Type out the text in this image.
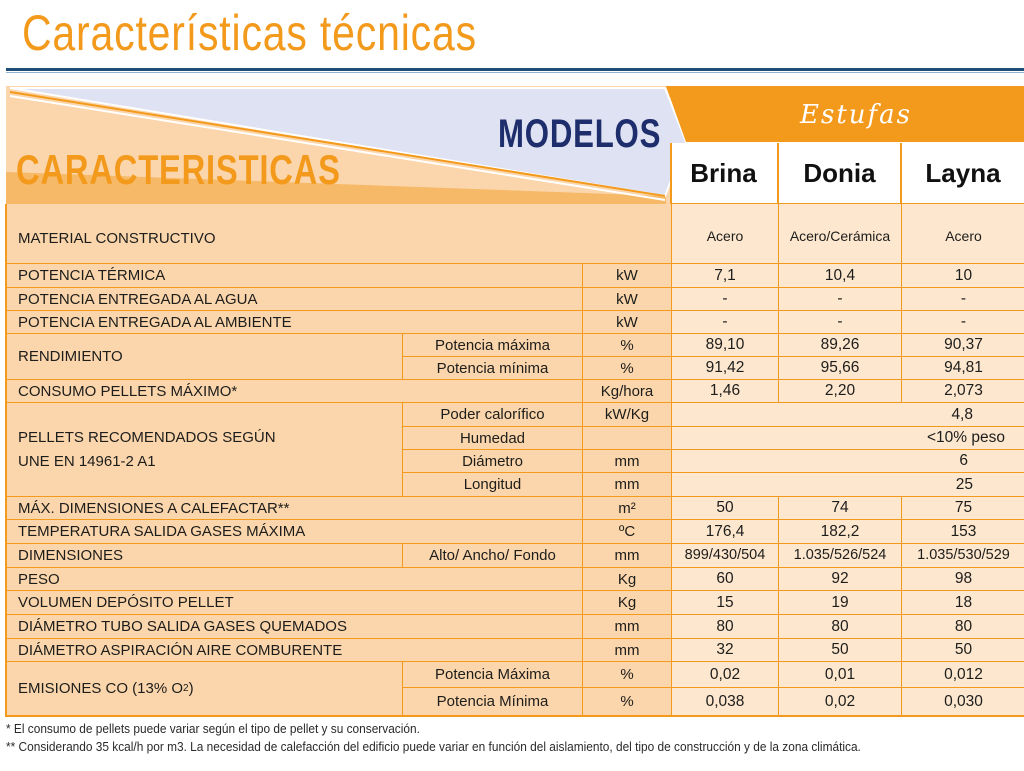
Características técnicas
MODELOS
CARACTERISTICAS
Estufas
Brina	Donia	Layna
MATERIAL CONSTRUCTIVO	Acero	Acero/Cerámica	Acero
POTENCIA TÉRMICA	kW	7,1	10,4	10
POTENCIA ENTREGADA AL AGUA	kW	-	-	-
POTENCIA ENTREGADA AL AMBIENTE	kW	-	-	-
RENDIMIENTO
Potencia máxima	%	89,10	89,26	90,37
Potencia mínima	%	91,42	95,66	94,81
CONSUMO PELLETS MÁXIMO*	Kg/hora	1,46	2,20	2,073
PELLETS RECOMENDADOS SEGÚN
UNE EN 14961-2 A1
Poder calorífico	kW/Kg	4,8
Humedad	<10% peso
Diámetro	mm	6
Longitud	mm	25
MÁX. DIMENSIONES A CALEFACTAR**	m²	50	74	75
TEMPERATURA SALIDA GASES MÁXIMA	ºC	176,4	182,2	153
DIMENSIONES	Alto/ Ancho/ Fondo	mm	899/430/504	1.035/526/524	1.035/530/529
PESO	Kg	60	92	98
VOLUMEN DEPÓSITO PELLET	Kg	15	19	18
DIÁMETRO TUBO SALIDA GASES QUEMADOS	mm	80	80	80
DIÁMETRO ASPIRACIÓN AIRE COMBURENTE	mm	32	50	50
EMISIONES CO (13% O 2 )
Potencia Máxima	%	0,02	0,01	0,012
Potencia Mínima	%	0,038	0,02	0,030
* El consumo de pellets puede variar según el tipo de pellet y su conservación.
** Considerando 35 kcal/h por m3. La necesidad de calefacción del edificio puede variar en función del aislamiento, del tipo de construcción y de la zona climática.
